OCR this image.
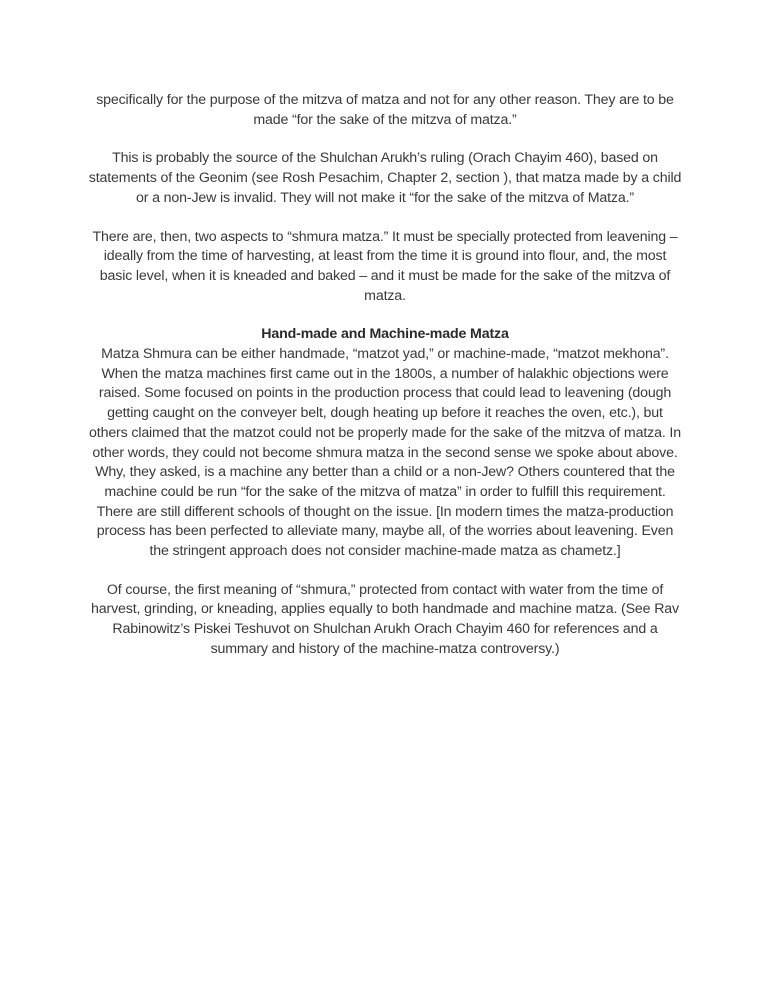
specifically for the purpose of the mitzva of matza and not for any other reason. They are to be made “for the sake of the mitzva of matza.”

This is probably the source of the Shulchan Arukh’s ruling (Orach Chayim 460), based on statements of the Geonim (see Rosh Pesachim, Chapter 2, section ), that matza made by a child or a non-Jew is invalid. They will not make it “for the sake of the mitzva of Matza.”

There are, then, two aspects to “shmura matza.” It must be specially protected from leavening – ideally from the time of harvesting, at least from the time it is ground into flour, and, the most basic level, when it is kneaded and baked – and it must be made for the sake of the mitzva of matza.

Hand-made and Machine-made Matza

Matza Shmura can be either handmade, “matzot yad,” or machine-made, “matzot mekhona”. When the matza machines first came out in the 1800s, a number of halakhic objections were raised. Some focused on points in the production process that could lead to leavening (dough getting caught on the conveyer belt, dough heating up before it reaches the oven, etc.), but others claimed that the matzot could not be properly made for the sake of the mitzva of matza. In other words, they could not become shmura matza in the second sense we spoke about above. Why, they asked, is a machine any better than a child or a non-Jew? Others countered that the machine could be run “for the sake of the mitzva of matza” in order to fulfill this requirement. There are still different schools of thought on the issue. [In modern times the matza-production process has been perfected to alleviate many, maybe all, of the worries about leavening. Even the stringent approach does not consider machine-made matza as chametz.]

Of course, the first meaning of “shmura,” protected from contact with water from the time of harvest, grinding, or kneading, applies equally to both handmade and machine matza. (See Rav Rabinowitz’s Piskei Teshuvot on Shulchan Arukh Orach Chayim 460 for references and a summary and history of the machine-matza controversy.)
